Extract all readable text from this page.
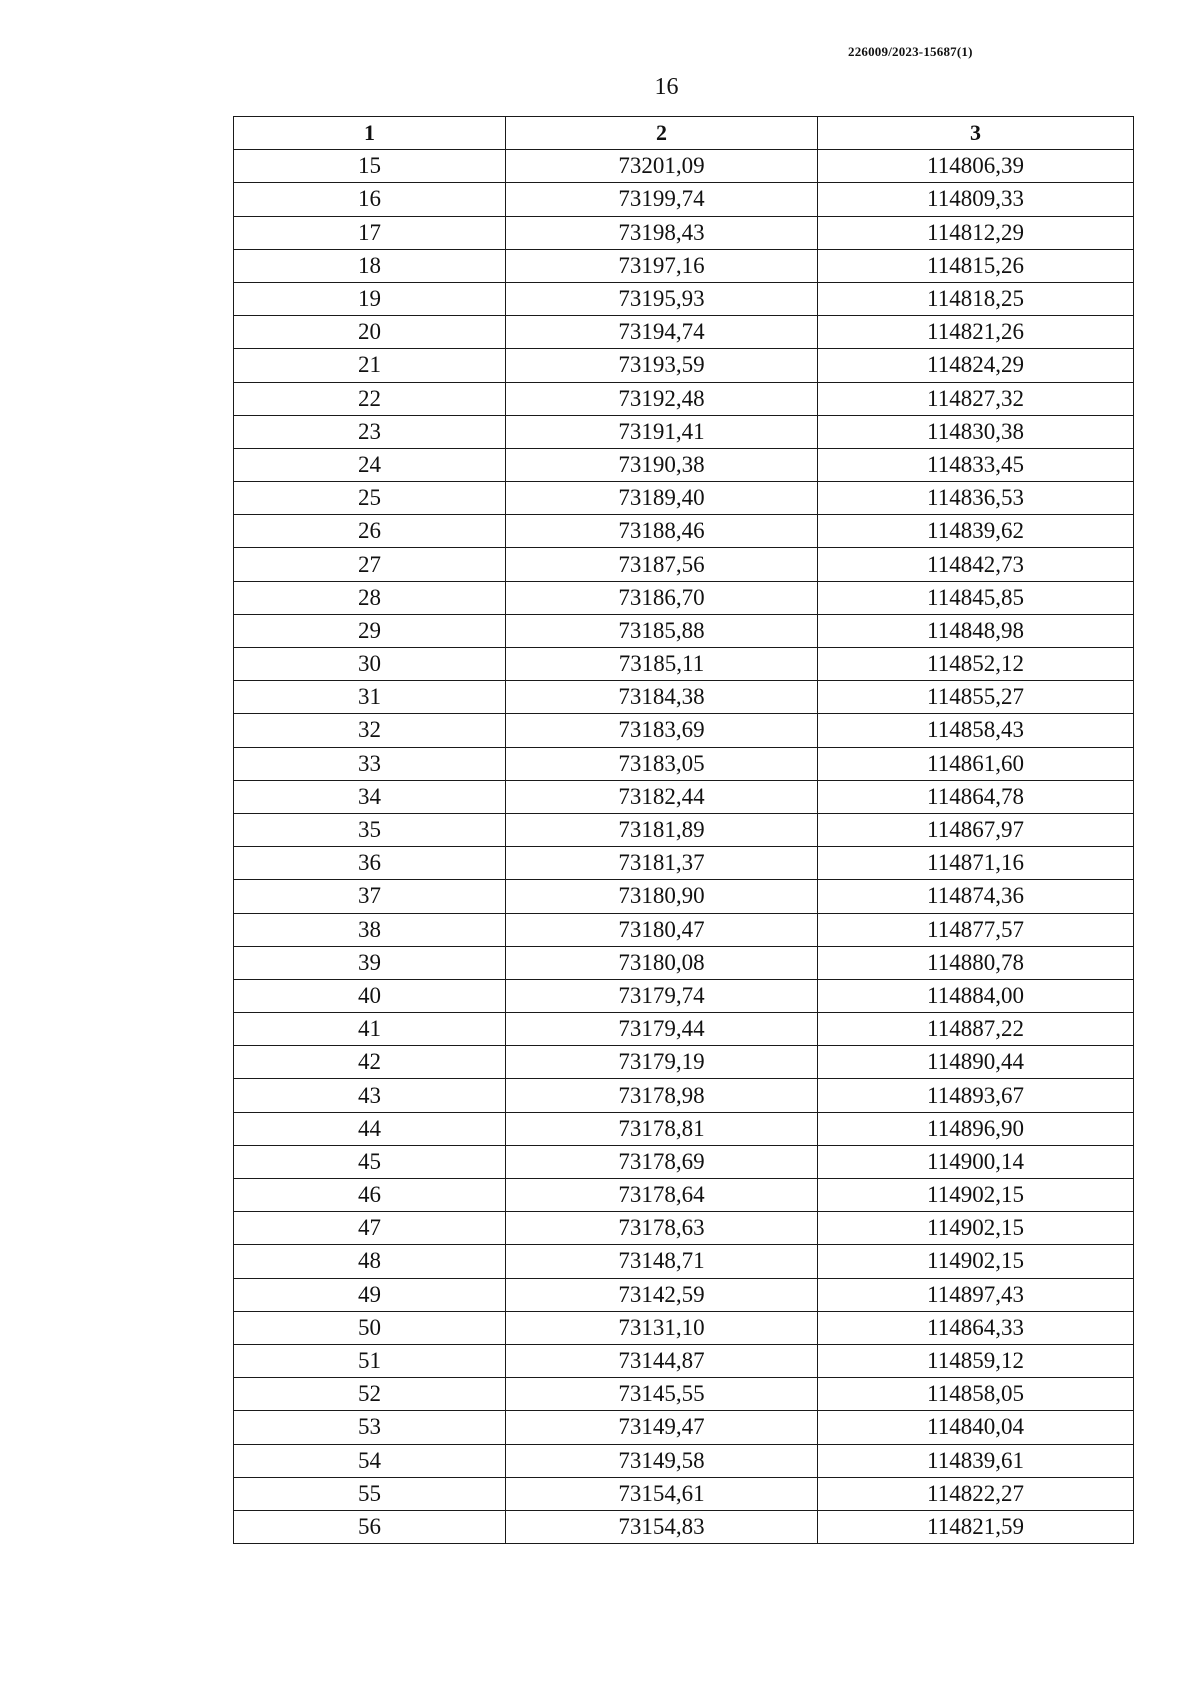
226009/2023-15687(1)
16
1	2	3
15	73201,09	114806,39
16	73199,74	114809,33
17	73198,43	114812,29
18	73197,16	114815,26
19	73195,93	114818,25
20	73194,74	114821,26
21	73193,59	114824,29
22	73192,48	114827,32
23	73191,41	114830,38
24	73190,38	114833,45
25	73189,40	114836,53
26	73188,46	114839,62
27	73187,56	114842,73
28	73186,70	114845,85
29	73185,88	114848,98
30	73185,11	114852,12
31	73184,38	114855,27
32	73183,69	114858,43
33	73183,05	114861,60
34	73182,44	114864,78
35	73181,89	114867,97
36	73181,37	114871,16
37	73180,90	114874,36
38	73180,47	114877,57
39	73180,08	114880,78
40	73179,74	114884,00
41	73179,44	114887,22
42	73179,19	114890,44
43	73178,98	114893,67
44	73178,81	114896,90
45	73178,69	114900,14
46	73178,64	114902,15
47	73178,63	114902,15
48	73148,71	114902,15
49	73142,59	114897,43
50	73131,10	114864,33
51	73144,87	114859,12
52	73145,55	114858,05
53	73149,47	114840,04
54	73149,58	114839,61
55	73154,61	114822,27
56	73154,83	114821,59
